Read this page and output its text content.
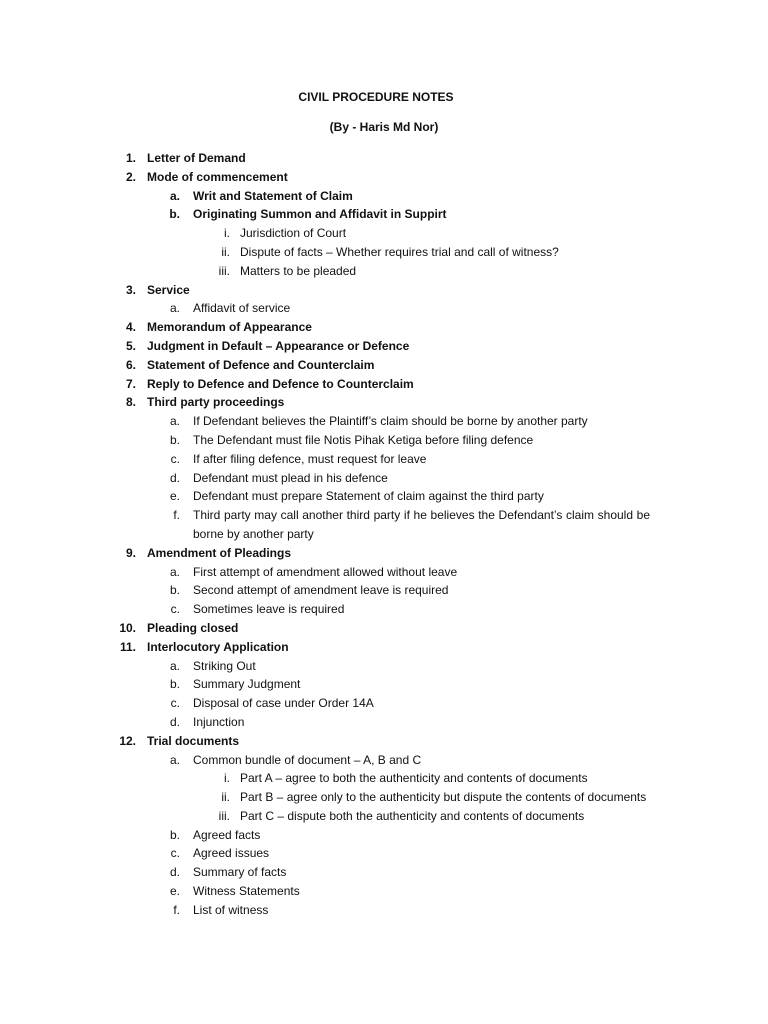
CIVIL PROCEDURE NOTES
(By - Haris Md Nor)
1. Letter of Demand
2. Mode of commencement
a. Writ and Statement of Claim
b. Originating Summon and Affidavit in Suppirt
i. Jurisdiction of Court
ii. Dispute of facts – Whether requires trial and call of witness?
iii. Matters to be pleaded
3. Service
a. Affidavit of service
4. Memorandum of Appearance
5. Judgment in Default – Appearance or Defence
6. Statement of Defence and Counterclaim
7. Reply to Defence and Defence to Counterclaim
8. Third party proceedings
a. If Defendant believes the Plaintiff’s claim should be borne by another party
b. The Defendant must file Notis Pihak Ketiga before filing defence
c. If after filing defence, must request for leave
d. Defendant must plead in his defence
e. Defendant must prepare Statement of claim against the third party
f. Third party may call another third party if he believes the Defendant’s claim should be borne by another party
9. Amendment of Pleadings
a. First attempt of amendment allowed without leave
b. Second attempt of amendment leave is required
c. Sometimes leave is required
10. Pleading closed
11. Interlocutory Application
a. Striking Out
b. Summary Judgment
c. Disposal of case under Order 14A
d. Injunction
12. Trial documents
a. Common bundle of document – A, B and C
i. Part A – agree to both the authenticity and contents of documents
ii. Part B – agree only to the authenticity but dispute the contents of documents
iii. Part C – dispute both the authenticity and contents of documents
b. Agreed facts
c. Agreed issues
d. Summary of facts
e. Witness Statements
f. List of witness
